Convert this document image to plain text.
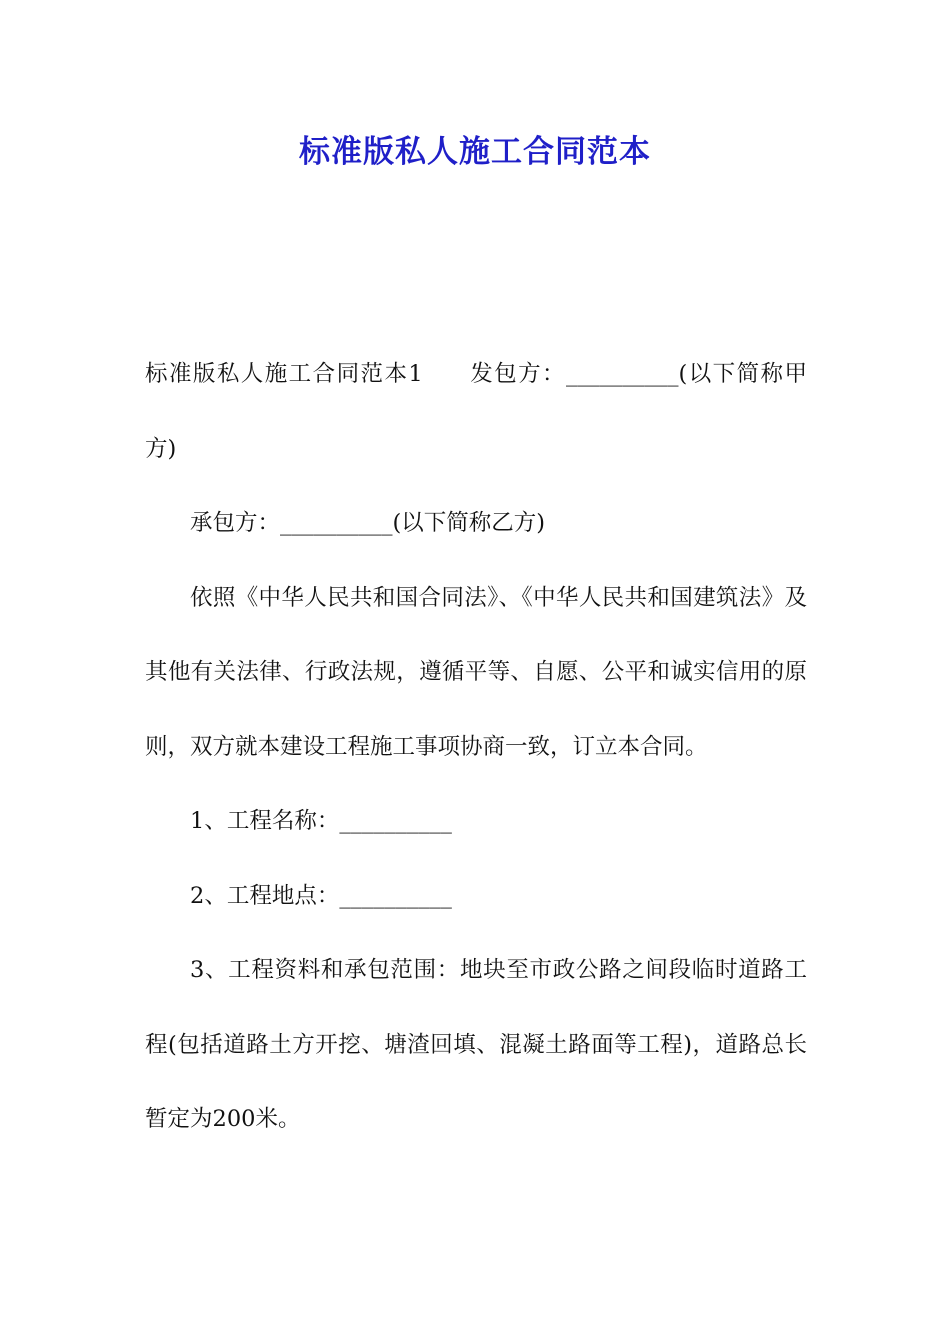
标准版私人施工合同范本

标准版私人施工合同范本1 发包方：__________(以下简称甲方)

承包方：__________(以下简称乙方)

依照《中华人民共和国合同法》、《中华人民共和国建筑法》及其他有关法律、行政法规，遵循平等、自愿、公平和诚实信用的原则，双方就本建设工程施工事项协商一致，订立本合同。

1、工程名称：__________

2、工程地点：__________

3、工程资料和承包范围：地块至市政公路之间段临时道路工程(包括道路土方开挖、塘渣回填、混凝土路面等工程)，道路总长暂定为200米。
